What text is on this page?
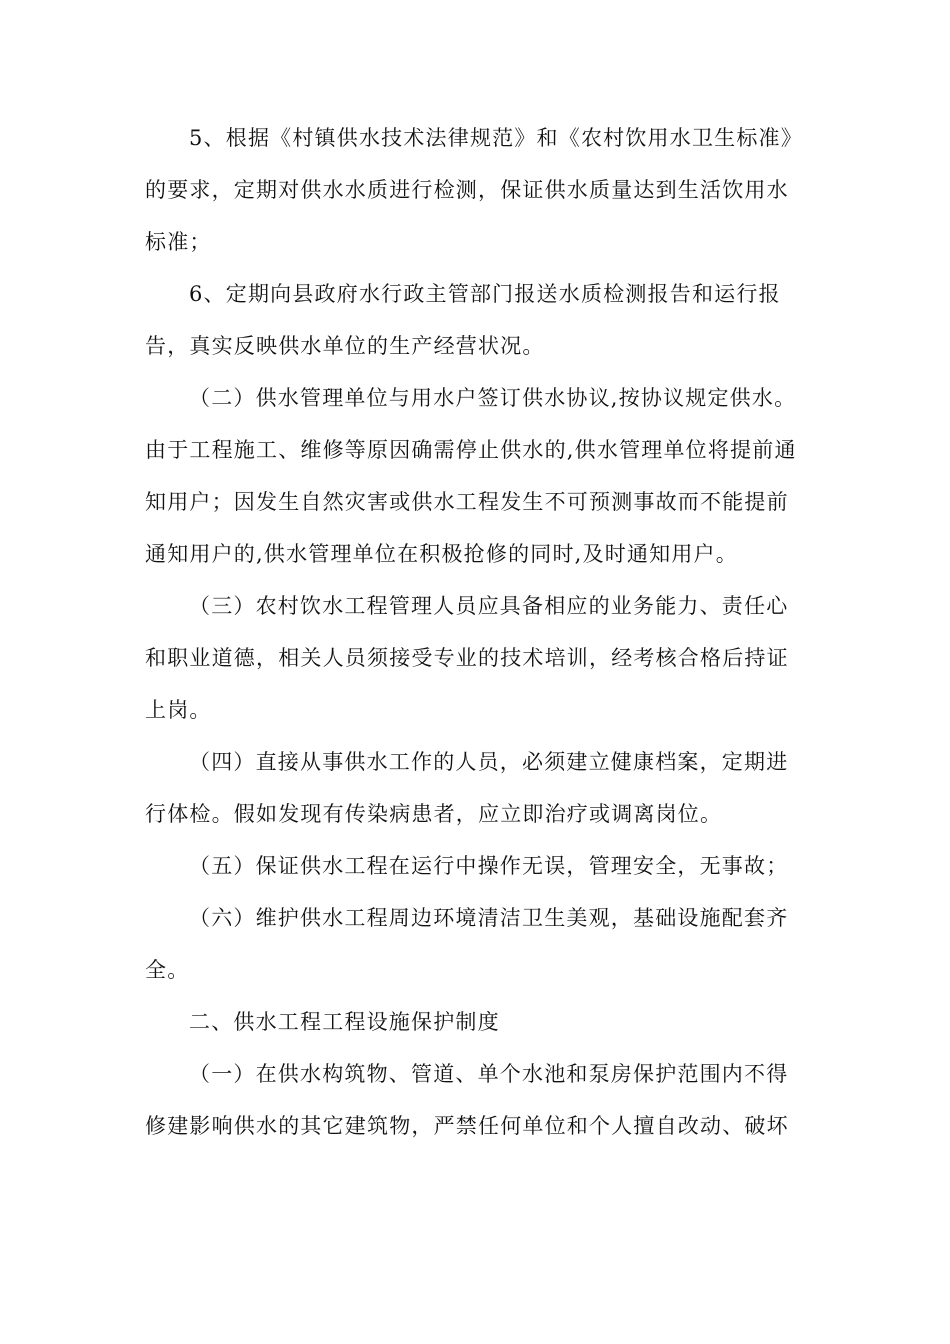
5、根据《村镇供水技术法律规范》和《农村饮用水卫生标准》
的要求，定期对供水水质进行检测，保证供水质量达到生活饮用水
标准；
6、定期向县政府水行政主管部门报送水质检测报告和运行报
告，真实反映供水单位的生产经营状况。
（二）供水管理单位与用水户签订供水协议,按协议规定供水。
由于工程施工、维修等原因确需停止供水的,供水管理单位将提前通
知用户；因发生自然灾害或供水工程发生不可预测事故而不能提前
通知用户的,供水管理单位在积极抢修的同时,及时通知用户。
（三）农村饮水工程管理人员应具备相应的业务能力、责任心
和职业道德，相关人员须接受专业的技术培训，经考核合格后持证
上岗。
（四）直接从事供水工作的人员，必须建立健康档案，定期进
行体检。假如发现有传染病患者，应立即治疗或调离岗位。
（五）保证供水工程在运行中操作无误，管理安全，无事故；
（六）维护供水工程周边环境清洁卫生美观，基础设施配套齐
全。
二、供水工程工程设施保护制度
（一）在供水构筑物、管道、单个水池和泵房保护范围内不得
修建影响供水的其它建筑物，严禁任何单位和个人擅自改动、破坏
